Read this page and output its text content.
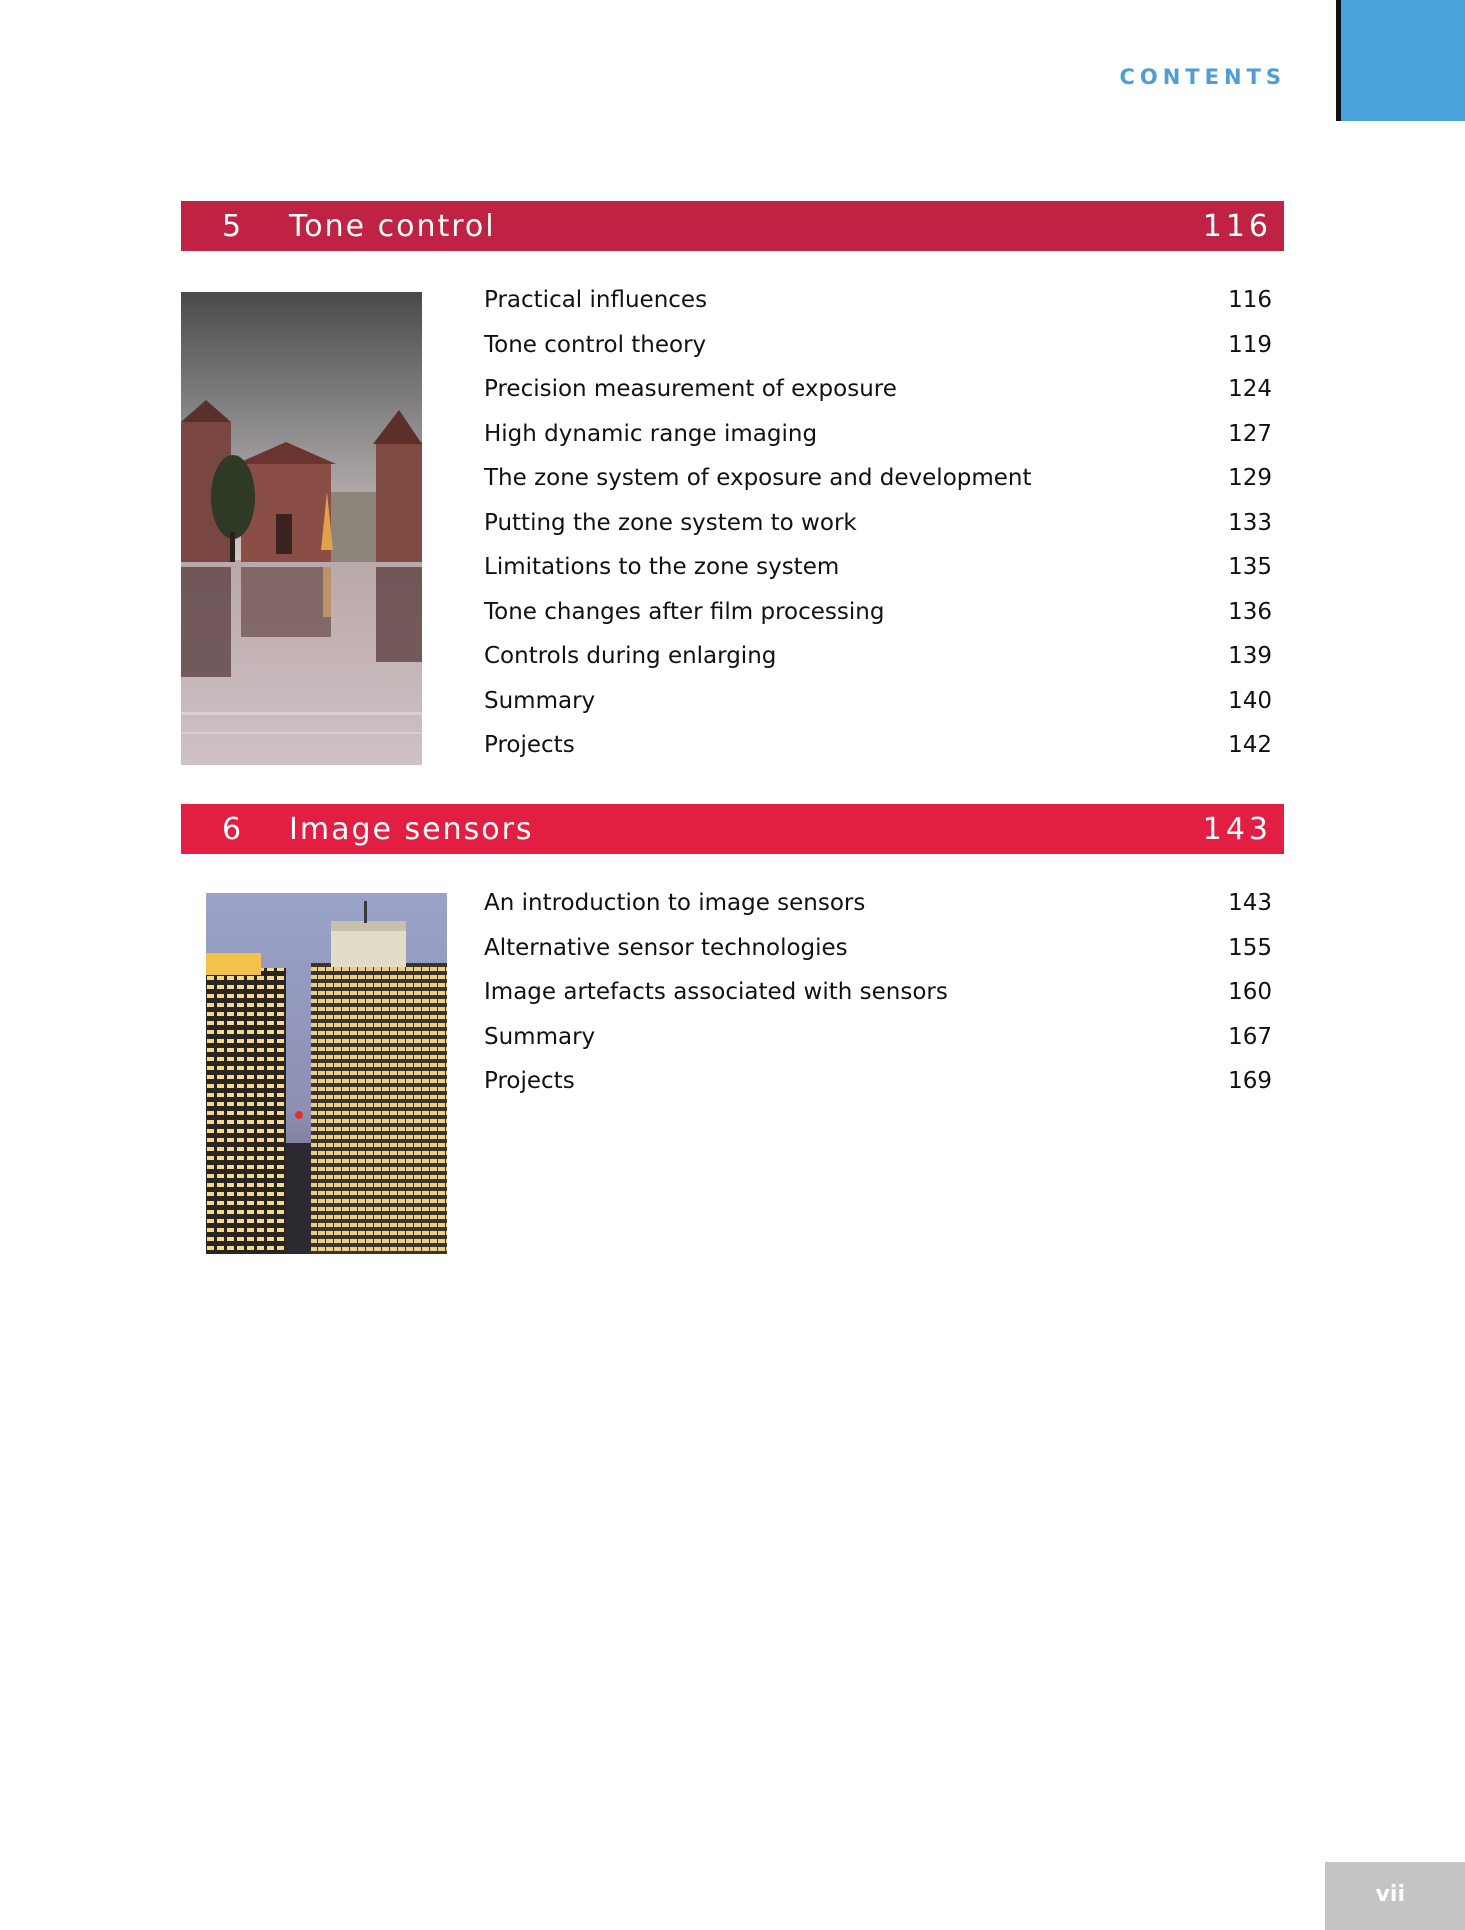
CONTENTS
5 Tone control	116
Practical influences	116
Tone control theory	119
Precision measurement of exposure	124
High dynamic range imaging	127
The zone system of exposure and development	129
Putting the zone system to work	133
Limitations to the zone system	135
Tone changes after film processing	136
Controls during enlarging	139
Summary	140
Projects	142
6 Image sensors	143
An introduction to image sensors	143
Alternative sensor technologies	155
Image artefacts associated with sensors	160
Summary	167
Projects	169
vii
